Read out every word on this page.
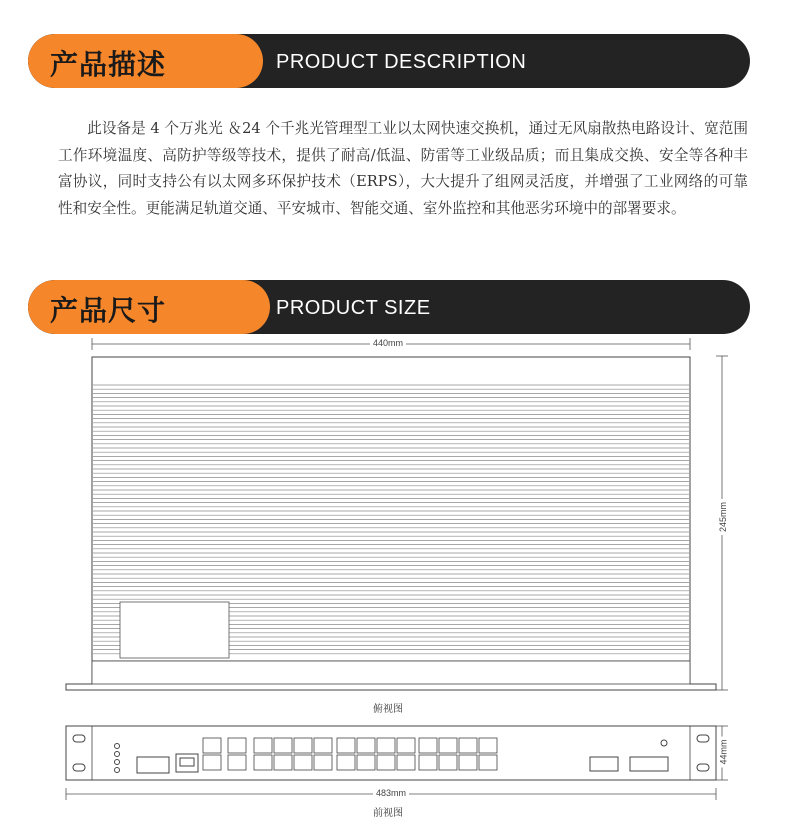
产品描述	PRODUCT DESCRIPTION

此设备是 4 个万兆光 ＆24 个千兆光管理型工业以太网快速交换机，通过无风扇散热电路设计、宽范围工作环境温度、高防护等级等技术，提供了耐高/低温、防雷等工业级品质；而且集成交换、安全等各种丰富协议，同时支持公有以太网多环保护技术（ERPS），大大提升了组网灵活度，并增强了工业网络的可靠性和安全性。更能满足轨道交通、平安城市、智能交通、室外监控和其他恶劣环境中的部署要求。

产品尺寸	PRODUCT SIZE
440mm
245mm
俯视图
483mm
44mm
前视图
